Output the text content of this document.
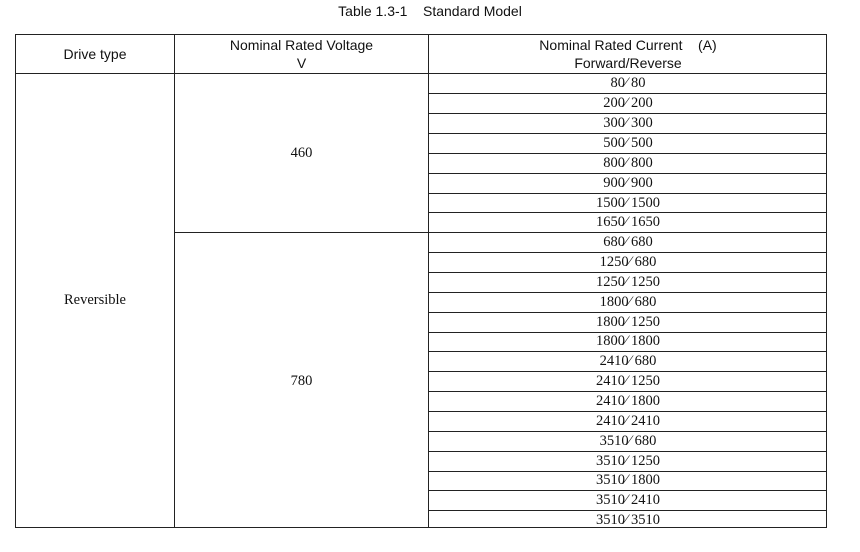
Table 1.3-1    Standard Model
Drive type
Nominal Rated Voltage
V
Nominal Rated Current    (A)
Forward/Reverse
Reversible
460
780
80∕ 80
200∕ 200
300∕ 300
500∕ 500
800∕ 800
900∕ 900
1500∕ 1500
1650∕ 1650
680∕ 680
1250∕ 680
1250∕ 1250
1800∕ 680
1800∕ 1250
1800∕ 1800
2410∕ 680
2410∕ 1250
2410∕ 1800
2410∕ 2410
3510∕ 680
3510∕ 1250
3510∕ 1800
3510∕ 2410
3510∕ 3510
